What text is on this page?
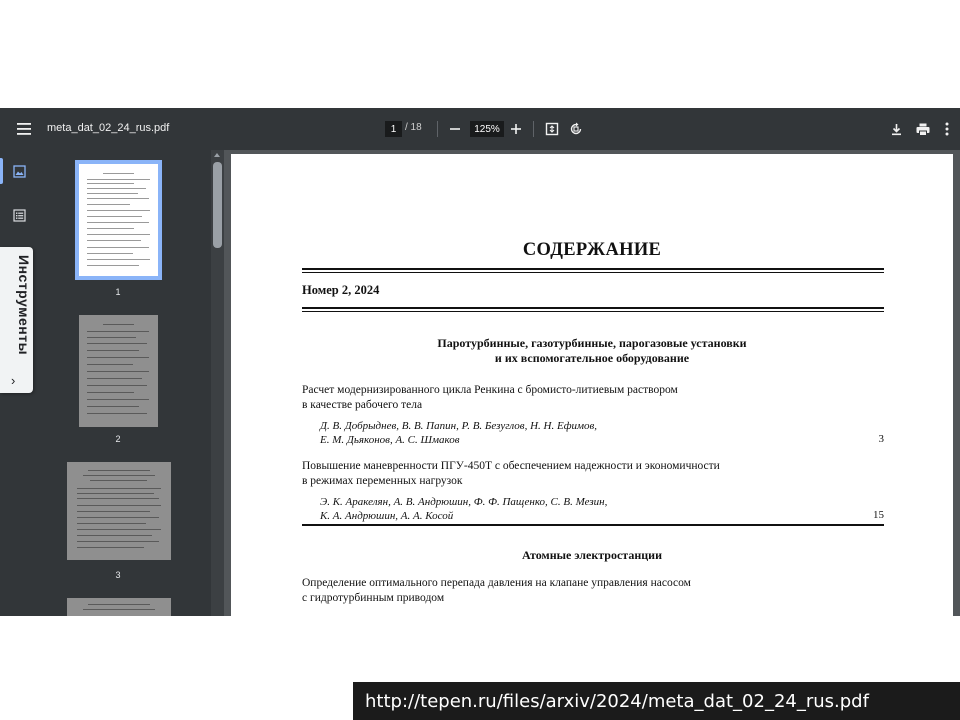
meta_dat_02_24_rus.pdf	1 / 18	125%
1
2
3
СОДЕРЖАНИЕ
Номер 2, 2024
Паротурбинные, газотурбинные, парогазовые установки
и их вспомогательное оборудование
Расчет модернизированного цикла Ренкина с бромисто-литиевым раствором
в качестве рабочего тела
Д. В. Добрыднев, В. В. Папин, Р. В. Безуглов, Н. Н. Ефимов,
Е. М. Дьяконов, А. С. Шмаков	3
Повышение маневренности ПГУ-450Т с обеспечением надежности и экономичности
в режимах переменных нагрузок
Э. К. Аракелян, А. В. Андрюшин, Ф. Ф. Пащенко, С. В. Мезин,
К. А. Андрюшин, А. А. Косой	15
Атомные электростанции
Определение оптимального перепада давления на клапане управления насосом
с гидротурбинным приводом
Инструменты
›
http://tepen.ru/files/arxiv/2024/meta_dat_02_24_rus.pdf
